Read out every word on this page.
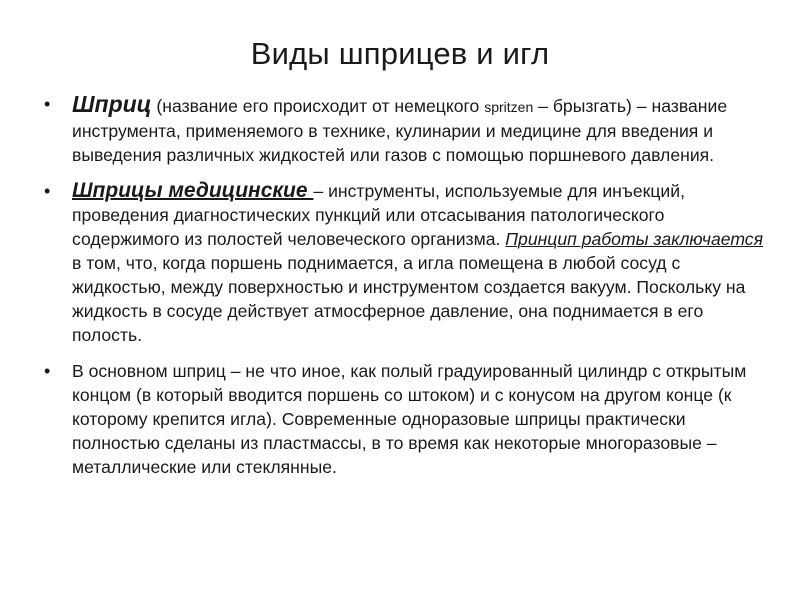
Виды шприцев и игл
• Шприц (название его происходит от немецкого spritzen – брызгать) – название инструмента, применяемого в технике, кулинарии и медицине для введения и выведения различных жидкостей или газов с помощью поршневого давления.
• Шприцы медицинские – инструменты, используемые для инъекций, проведения диагностических пункций или отсасывания патологического содержимого из полостей человеческого организма. Принцип работы заключается в том, что, когда поршень поднимается, а игла помещена в любой сосуд с жидкостью, между поверхностью и инструментом создается вакуум. Поскольку на жидкость в сосуде действует атмосферное давление, она поднимается в его полость.
• В основном шприц – не что иное, как полый градуированный цилиндр с открытым концом (в который вводится поршень со штоком) и с конусом на другом конце (к которому крепится игла). Современные одноразовые шприцы практически полностью сделаны из пластмассы, в то время как некоторые многоразовые – металлические или стеклянные.
